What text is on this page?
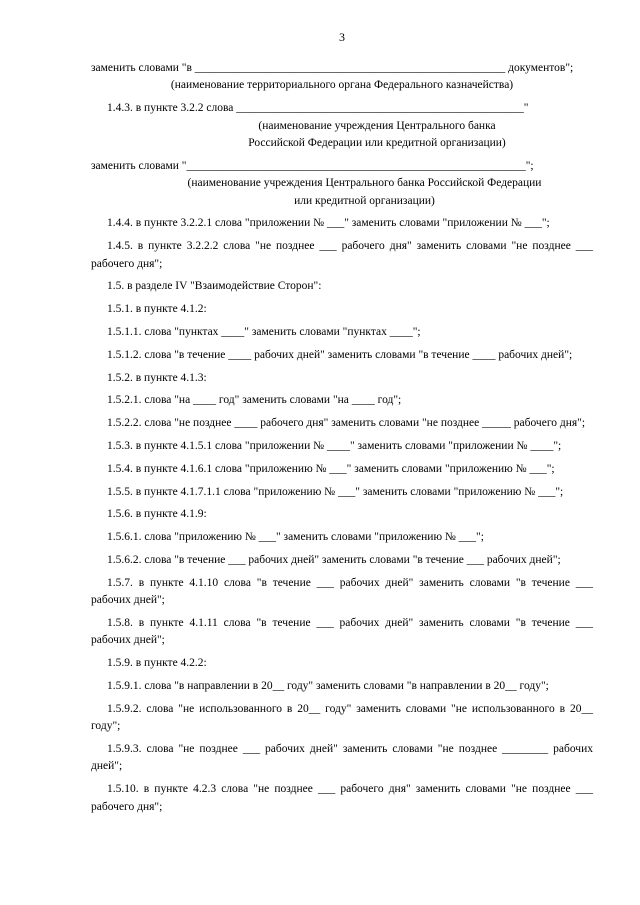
3

заменить словами "в ______________________________________________________ документов";

(наименование территориального органа Федерального казначейства)

1.4.3. в пункте 3.2.2 слова __________________________________________________"

(наименование учреждения Центрального банка

Российской Федерации или кредитной организации)

заменить словами "___________________________________________________________";

(наименование учреждения Центрального банка Российской Федерации

или кредитной организации)

1.4.4. в пункте 3.2.2.1 слова "приложении № ___" заменить словами "приложении № ___";

1.4.5. в пункте 3.2.2.2 слова "не позднее ___ рабочего дня" заменить словами "не позднее ___ рабочего дня";

1.5. в разделе IV "Взаимодействие Сторон":

1.5.1. в пункте 4.1.2:

1.5.1.1. слова "пунктах ____" заменить словами "пунктах ____";

1.5.1.2. слова "в течение ____ рабочих дней" заменить словами "в течение ____ рабочих дней";

1.5.2. в пункте 4.1.3:

1.5.2.1. слова "на ____ год" заменить словами "на ____ год";

1.5.2.2. слова "не позднее ____ рабочего дня" заменить словами "не позднее _____ рабочего дня";

1.5.3. в пункте 4.1.5.1 слова "приложении № ____" заменить словами "приложении № ____";

1.5.4. в пункте 4.1.6.1 слова "приложению № ___" заменить словами "приложению № ___";

1.5.5. в пункте 4.1.7.1.1 слова "приложению № ___" заменить словами "приложению № ___";

1.5.6. в пункте 4.1.9:

1.5.6.1. слова "приложению № ___" заменить словами "приложению № ___";

1.5.6.2. слова "в течение ___ рабочих дней" заменить словами "в течение ___ рабочих дней";

1.5.7. в пункте 4.1.10 слова "в течение ___ рабочих дней" заменить словами "в течение ___ рабочих дней";

1.5.8. в пункте 4.1.11 слова "в течение ___ рабочих дней" заменить словами "в течение ___ рабочих дней";

1.5.9. в пункте 4.2.2:

1.5.9.1. слова "в направлении в 20__ году" заменить словами "в направлении в 20__ году";

1.5.9.2. слова "не использованного в 20__ году" заменить словами "не использованного в 20__ году";

1.5.9.3. слова "не позднее ___ рабочих дней" заменить словами "не позднее ________ рабочих дней";

1.5.10. в пункте 4.2.3 слова "не позднее ___ рабочего дня" заменить словами "не позднее ___ рабочего дня";
